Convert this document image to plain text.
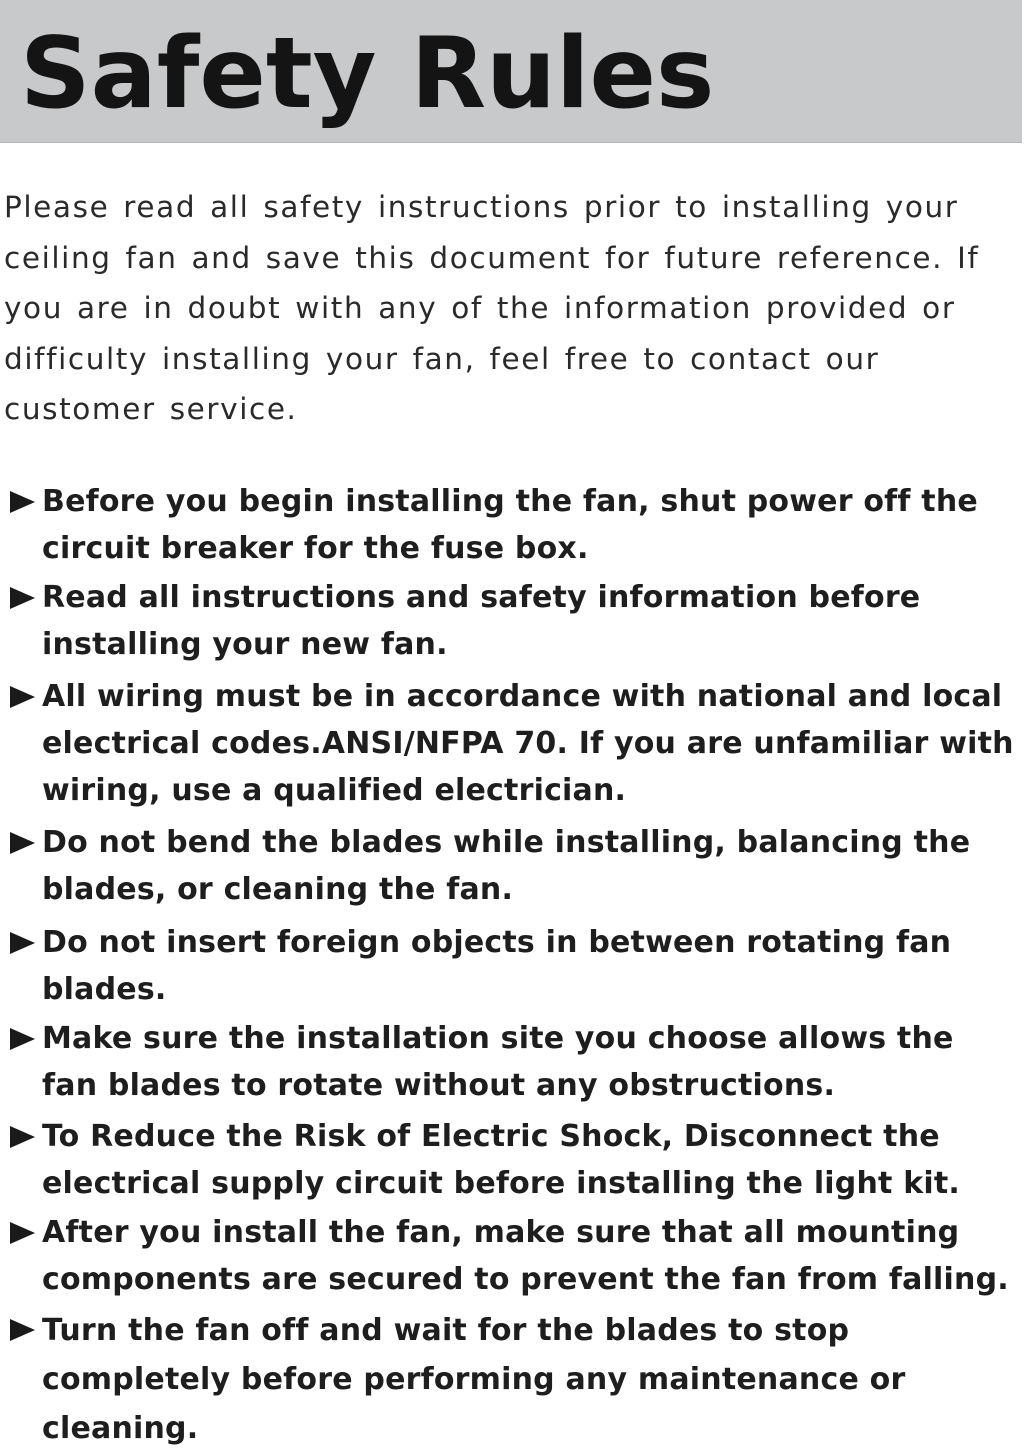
Safety Rules

Please read all safety instructions prior to installing your ceiling fan and save this document for future reference. If you are in doubt with any of the information provided or difficulty installing your fan, feel free to contact our customer service.

Before you begin installing the fan, shut power off the circuit breaker for the fuse box.

Read all instructions and safety information before installing your new fan.

All wiring must be in accordance with national and local electrical codes.ANSI/NFPA 70. If you are unfamiliar with wiring, use a qualified electrician.

Do not bend the blades while installing, balancing the blades, or cleaning the fan.

Do not insert foreign objects in between rotating fan blades.

Make sure the installation site you choose allows the fan blades to rotate without any obstructions.

To Reduce the Risk of Electric Shock, Disconnect the electrical supply circuit before installing the light kit.

After you install the fan, make sure that all mounting components are secured to prevent the fan from falling.

Turn the fan off and wait for the blades to stop completely before performing any maintenance or cleaning.
